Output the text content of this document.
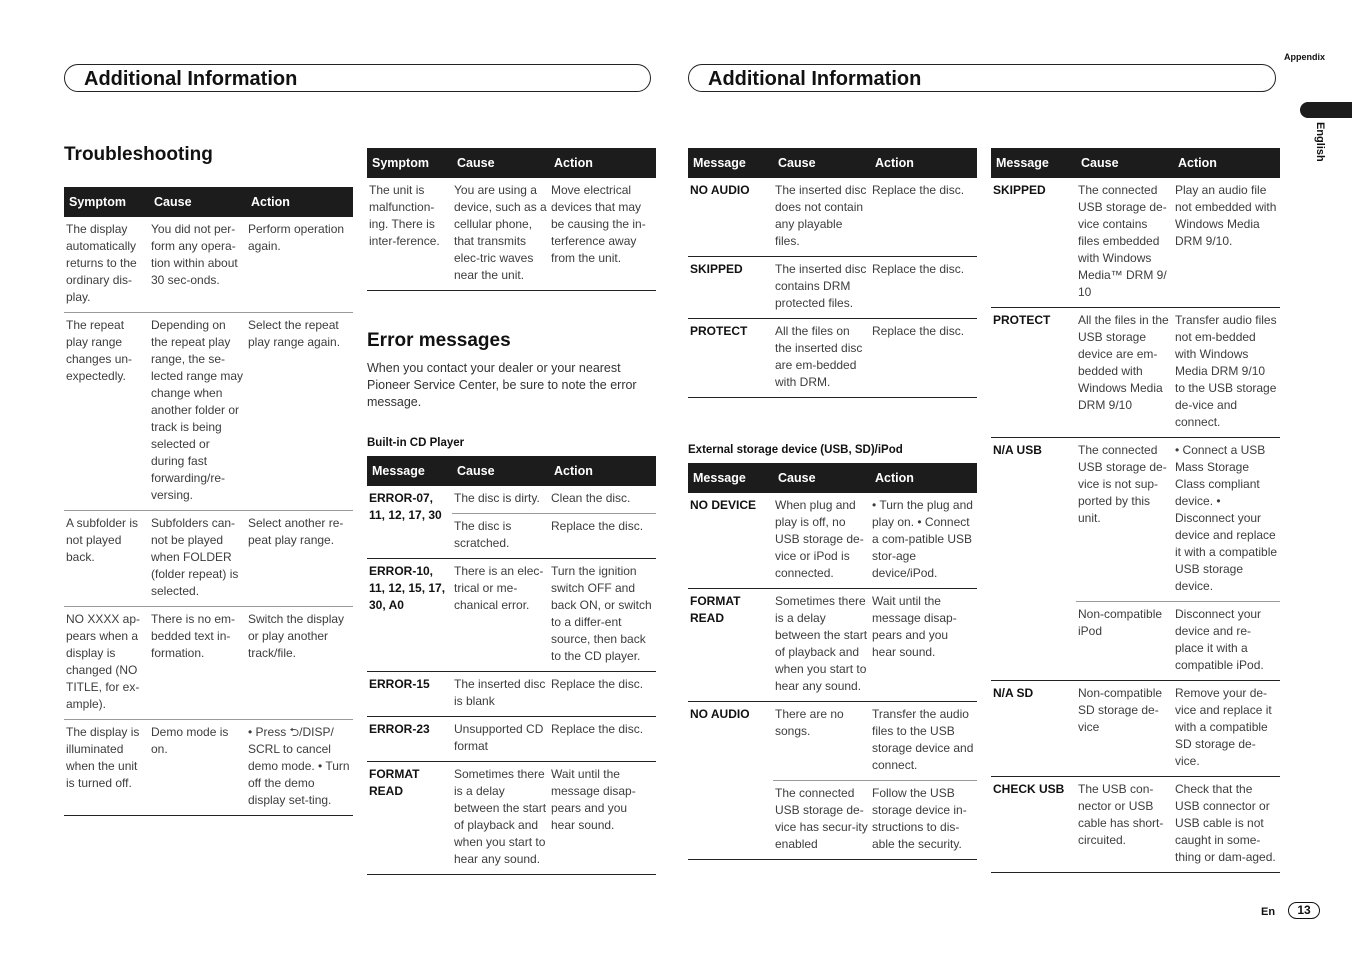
Additional Information	Additional Information
Appendix
English
Troubleshooting
Symptom	Cause	Action
The display automatically returns to the ordinary dis-play.	You did not per-form any opera-tion within about 30 sec-onds.	Perform operation again.
The repeat play range changes un-expectedly.	Depending on the repeat play range, the se-lected range may change when another folder or track is being selected or during fast forwarding/re-versing.	Select the repeat play range again.
A subfolder is not played back.	Subfolders can-not be played when FOLDER (folder repeat) is selected.	Select another re-peat play range.
NO XXXX ap-pears when a display is changed (NO TITLE, for ex-ample).	There is no em-bedded text in-formation.	Switch the display or play another track/file.
The display is illuminated when the unit is turned off.	Demo mode is on.	• Press ⮌/DISP/ SCRL to cancel demo mode. • Turn off the demo display set-ting.
Symptom	Cause	Action
The unit is malfunction-ing. There is inter-ference.	You are using a device, such as a cellular phone, that transmits elec-tric waves near the unit.	Move electrical devices that may be causing the in-terference away from the unit.
Error messages
When you contact your dealer or your nearest Pioneer Service Center, be sure to note the error message.
Built-in CD Player
Message	Cause	Action
ERROR-07, 11, 12, 17, 30	The disc is dirty.	Clean the disc.
	The disc is scratched.	Replace the disc.
ERROR-10, 11, 12, 15, 17, 30, A0	There is an elec-trical or me-chanical error.	Turn the ignition switch OFF and back ON, or switch to a differ-ent source, then back to the CD player.
ERROR-15	The inserted disc is blank	Replace the disc.
ERROR-23	Unsupported CD format	Replace the disc.
FORMAT READ	Sometimes there is a delay between the start of playback and when you start to hear any sound.	Wait until the message disap-pears and you hear sound.
Message	Cause	Action
NO AUDIO	The inserted disc does not contain any playable files.	Replace the disc.
SKIPPED	The inserted disc contains DRM protected files.	Replace the disc.
PROTECT	All the files on the inserted disc are em-bedded with DRM.	Replace the disc.
External storage device (USB, SD)/iPod
Message	Cause	Action
NO DEVICE	When plug and play is off, no USB storage de-vice or iPod is connected.	• Turn the plug and play on. • Connect a com-patible USB stor-age device/iPod.
FORMAT READ	Sometimes there is a delay between the start of playback and when you start to hear any sound.	Wait until the message disap-pears and you hear sound.
NO AUDIO	There are no songs.	Transfer the audio files to the USB storage device and connect.
	The connected USB storage de-vice has secur-ity enabled	Follow the USB storage device in-structions to dis-able the security.
Message	Cause	Action
SKIPPED	The connected USB storage de-vice contains files embedded with Windows Media™ DRM 9/ 10	Play an audio file not embedded with Windows Media DRM 9/10.
PROTECT	All the files in the USB storage device are em-bedded with Windows Media DRM 9/10	Transfer audio files not em-bedded with Windows Media DRM 9/10 to the USB storage de-vice and connect.
N/A USB	The connected USB storage de-vice is not sup-ported by this unit.	• Connect a USB Mass Storage Class compliant device. • Disconnect your device and replace it with a compatible USB storage device.
	Non-compatible iPod	Disconnect your device and re-place it with a compatible iPod.
N/A SD	Non-compatible SD storage de-vice	Remove your de-vice and replace it with a compatible SD storage de-vice.
CHECK USB	The USB con-nector or USB cable has short-circuited.	Check that the USB connector or USB cable is not caught in some-thing or dam-aged.
En	13
